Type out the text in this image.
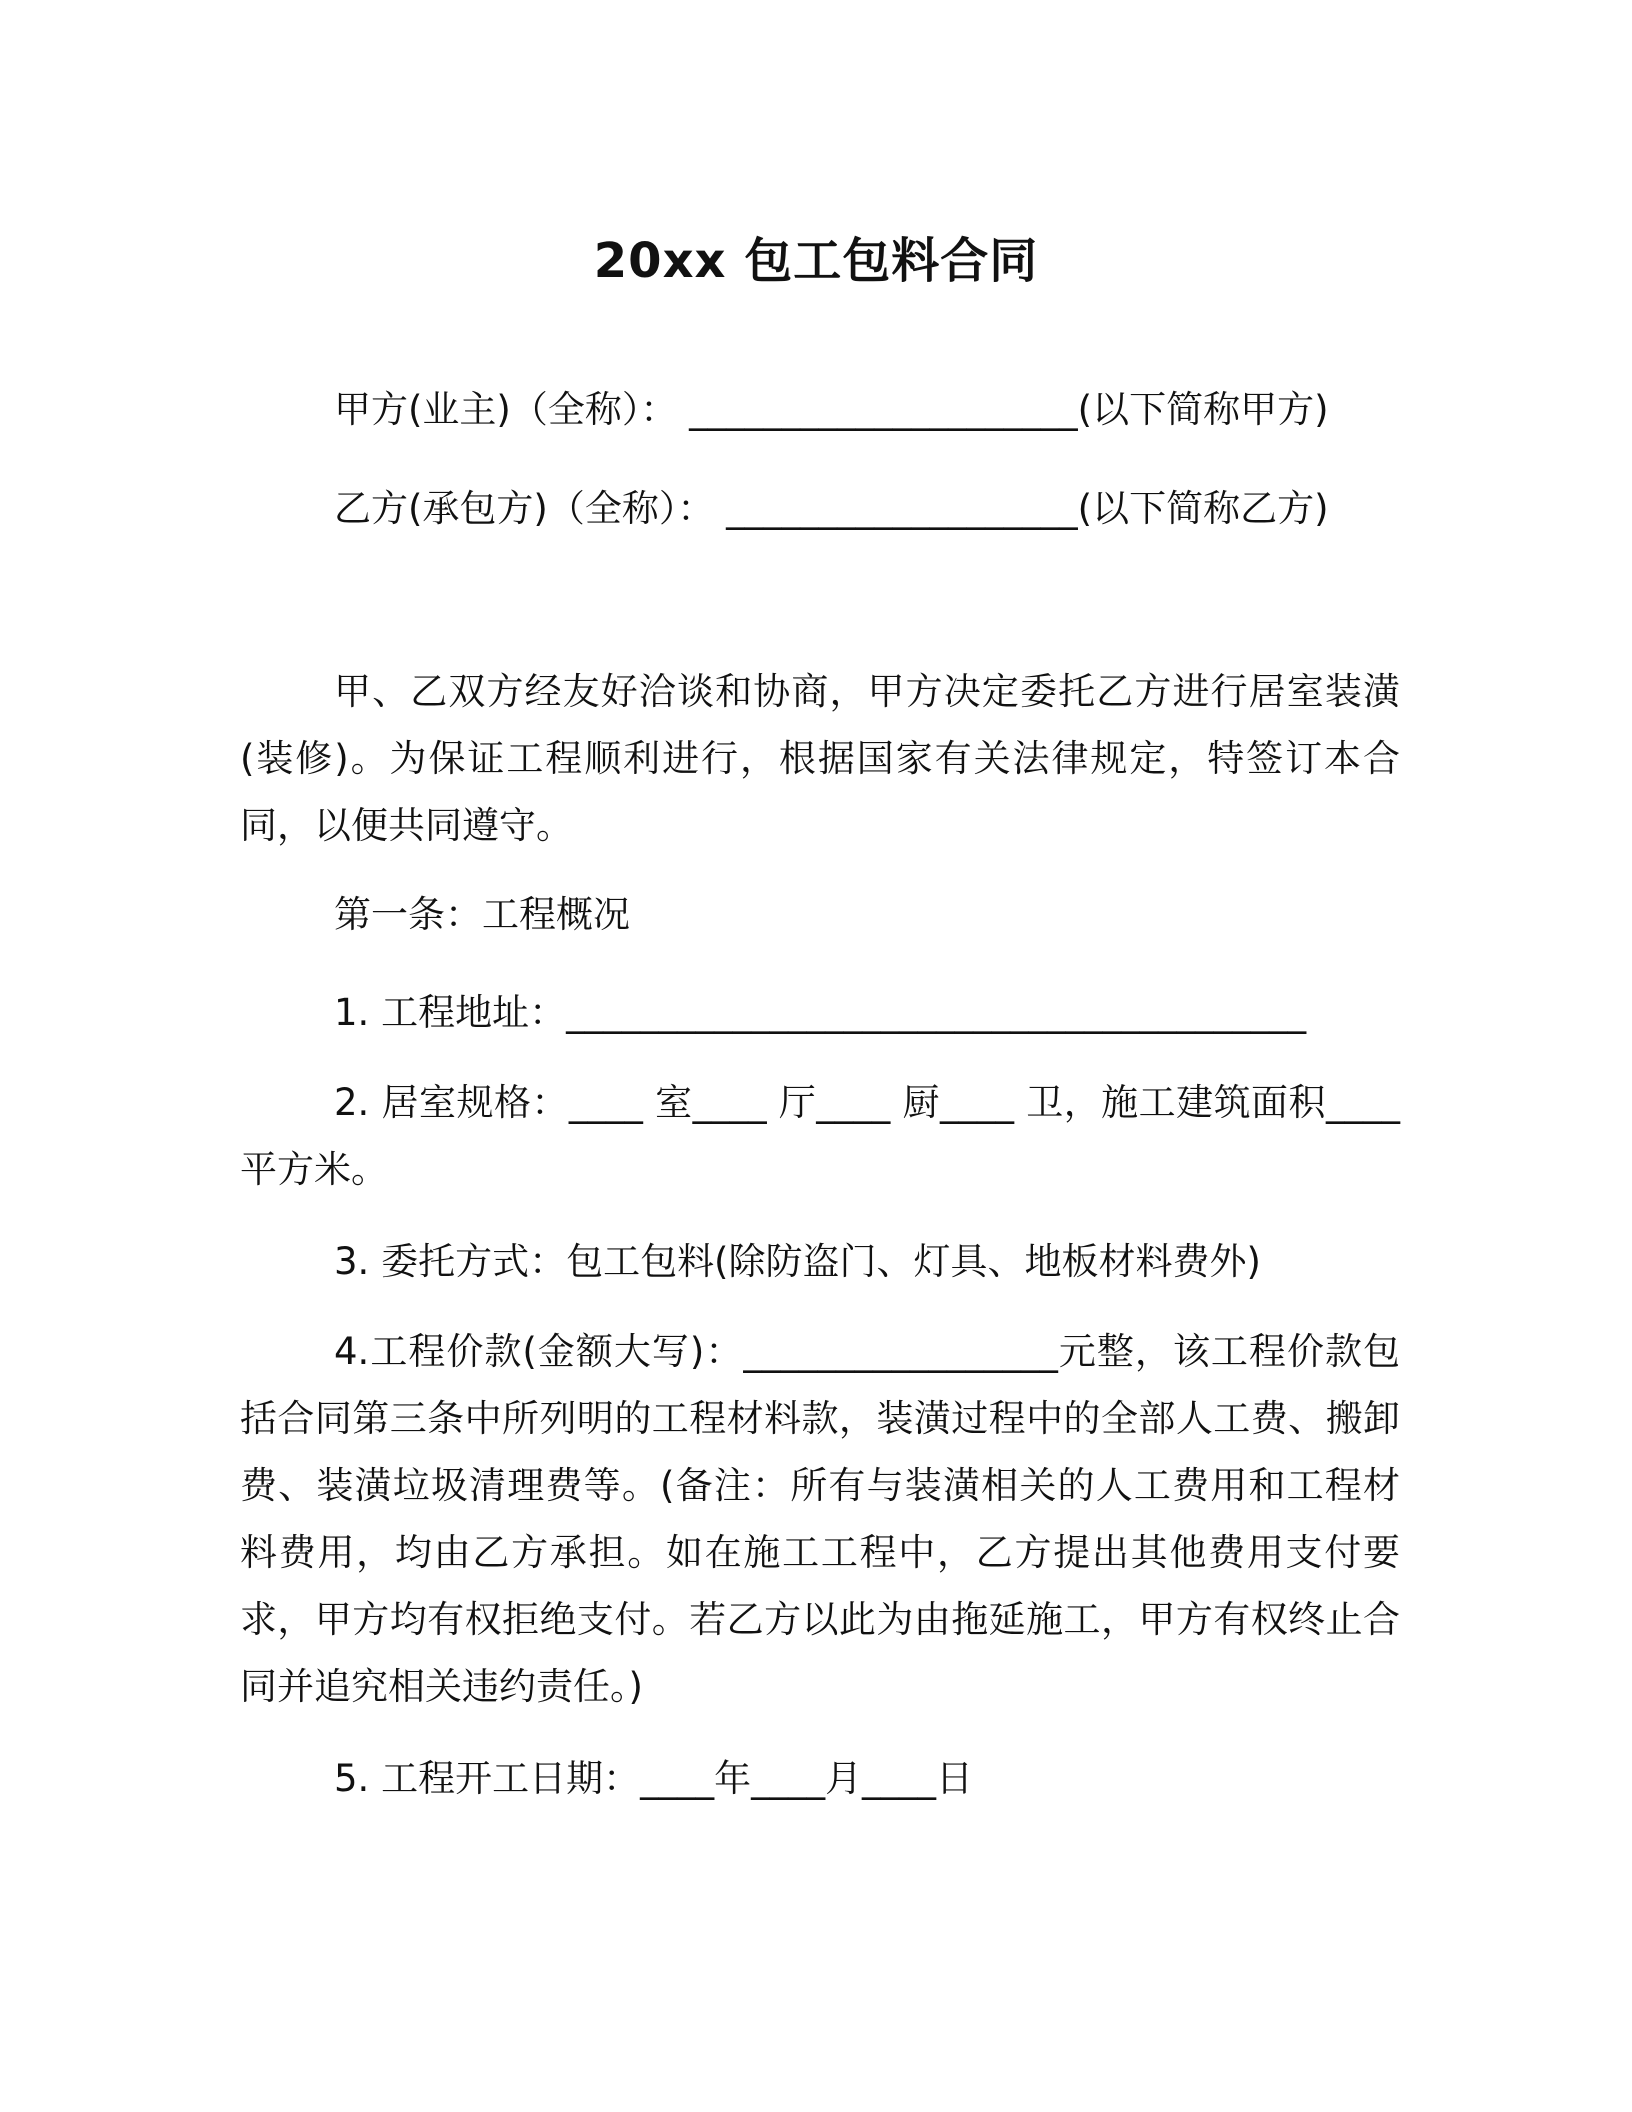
20xx 包工包料合同
甲方(业主)（全称）： _____________________(以下简称甲方)
乙方(承包方)（全称）： ___________________(以下简称乙方)
甲、乙双方经友好洽谈和协商，甲方决定委托乙方进行居室装潢(装修)。为保证工程顺利进行，根据国家有关法律规定，特签订本合同，以便共同遵守。
第一条：工程概况
1. 工程地址：________________________________________
2. 居室规格：____ 室____ 厅____ 厨____ 卫，施工建筑面积____平方米。
3. 委托方式：包工包料(除防盗门、灯具、地板材料费外)
4.工程价款(金额大写)：_________________元整，该工程价款包括合同第三条中所列明的工程材料款，装潢过程中的全部人工费、搬卸费、装潢垃圾清理费等。(备注：所有与装潢相关的人工费用和工程材料费用，均由乙方承担。如在施工工程中，乙方提出其他费用支付要求，甲方均有权拒绝支付。若乙方以此为由拖延施工，甲方有权终止合同并追究相关违约责任。)
5. 工程开工日期：____年____月____日
